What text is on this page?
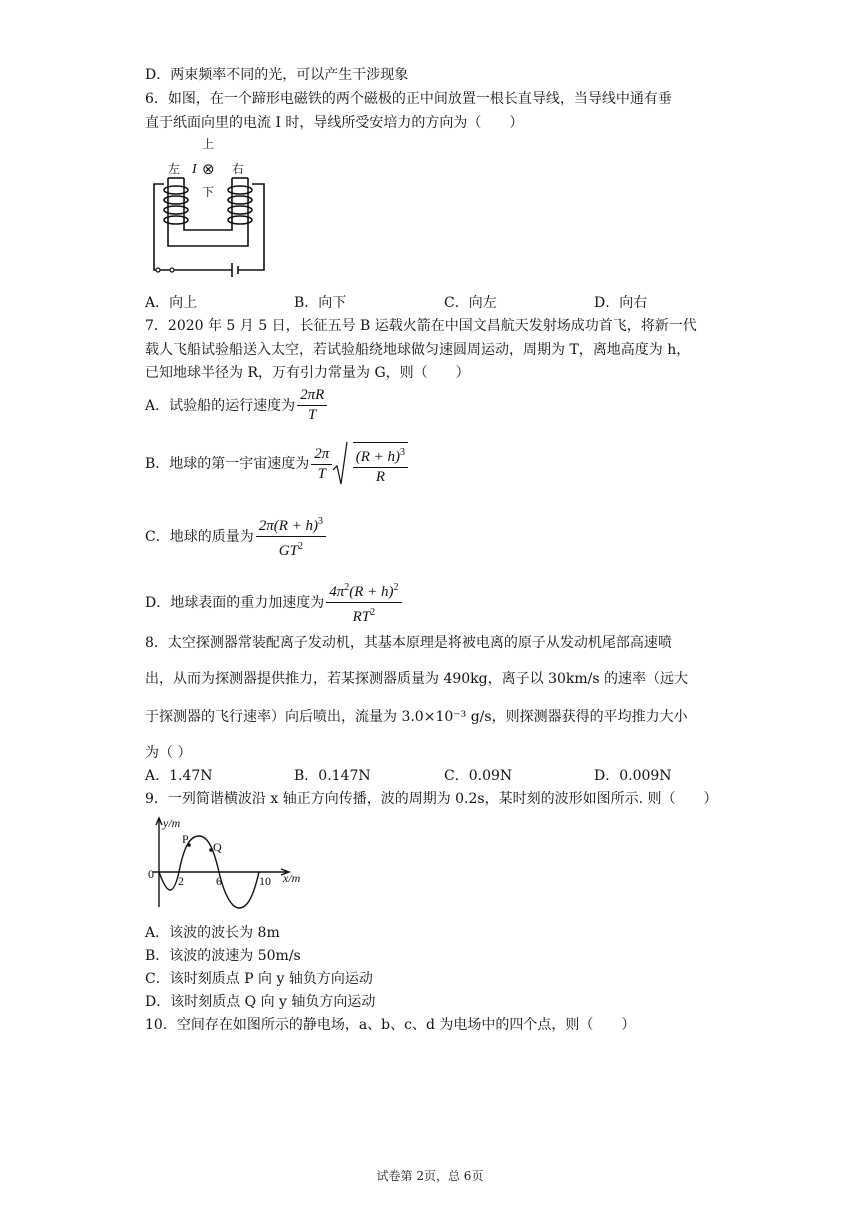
D．两束频率不同的光，可以产生干涉现象
6．如图，在一个蹄形电磁铁的两个磁极的正中间放置一根长直导线，当导线中通有垂
直于纸面向里的电流 I 时，导线所受安培力的方向为（　　）
上
左	右
下
I ⊗
A．向上	B．向下	C．向左	D．向右
7．2020 年 5 月 5 日，长征五号 B 运载火箭在中国文昌航天发射场成功首飞，将新一代
载人飞船试验船送入太空，若试验船绕地球做匀速圆周运动，周期为 T，离地高度为 h，
已知地球半径为 R，万有引力常量为 G，则（　　）
A．试验船的运行速度为 $\frac{2\pi R}{T}$
B．地球的第一宇宙速度为 $\frac{2\pi}{T}$
$\frac{(R + h)^3}{R}$
C．地球的质量为 $\frac{2\pi(R + h)^3}{GT^2}$
D．地球表面的重力加速度为 $\frac{4\pi^2(R + h)^2}{RT^2}$
8．太空探测器常装配离子发动机，其基本原理是将被电离的原子从发动机尾部高速喷
出，从而为探测器提供推力，若某探测器质量为 490kg，离子以 30km/s 的速率（远大
于探测器的飞行速率）向后喷出，流量为 3.0×10⁻³ g/s，则探测器获得的平均推力大小
为（ ）
A．1.47N	B．0.147N	C．0.09N	D．0.009N
9．一列简谐横波沿 x 轴正方向传播，波的周期为 0.2s，某时刻的波形如图所示. 则（　　）
y/m
x/m
0 2	6	10
P
Q
A．该波的波长为 8m
B．该波的波速为 50m/s
C．该时刻质点 P 向 y 轴负方向运动
D．该时刻质点 Q 向 y 轴负方向运动
10．空间存在如图所示的静电场，a、b、c、d 为电场中的四个点，则（　　）
试卷第 2页，总 6页
